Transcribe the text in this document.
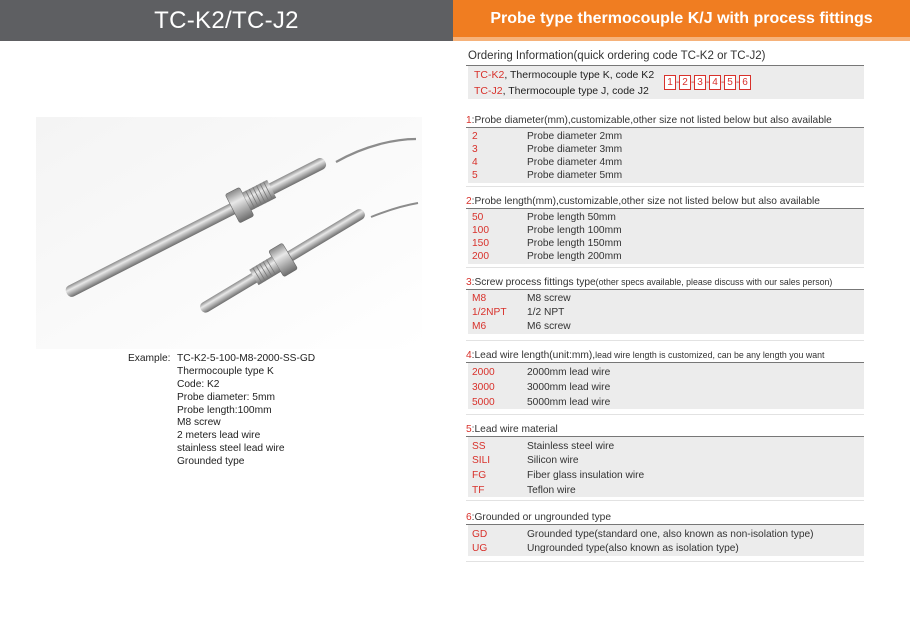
TC-K2/TC-J2	Probe type thermocouple K/J with process fittings
Example: TC-K2-5-100-M8-2000-SS-GD
Thermocouple type K
Code: K2
Probe diameter: 5mm
Probe length:100mm
M8 screw
2 meters lead wire
stainless steel lead wire
Grounded type
Ordering Information(quick ordering code TC-K2 or TC-J2)
TC-K2, Thermocouple type K, code K2
TC-J2, Thermocouple type J, code J2
1 - 2 - 3 - 4 - 5 - 6
1:Probe diameter(mm),customizable,other size not listed below but also available
2	Probe diameter 2mm
3	Probe diameter 3mm
4	Probe diameter 4mm
5	Probe diameter 5mm
2:Probe length(mm),customizable,other size not listed below but also available
50	Probe length 50mm
100	Probe length 100mm
150	Probe length 150mm
200	Probe length 200mm
3:Screw process fittings type(other specs available, please discuss with our sales person)
M8	M8 screw
1/2NPT 1/2 NPT
M6	M6 screw
4:Lead wire length(unit:mm),lead wire length is customized, can be any length you want
2000	2000mm lead wire
3000	3000mm lead wire
5000	5000mm lead wire
5:Lead wire material
SS	Stainless steel wire
SILI	Silicon wire
FG	Fiber glass insulation wire
TF	Teflon wire
6:Grounded or ungrounded type
GD	Grounded type(standard one, also known as non-isolation type)
UG	Ungrounded type(also known as isolation type)
